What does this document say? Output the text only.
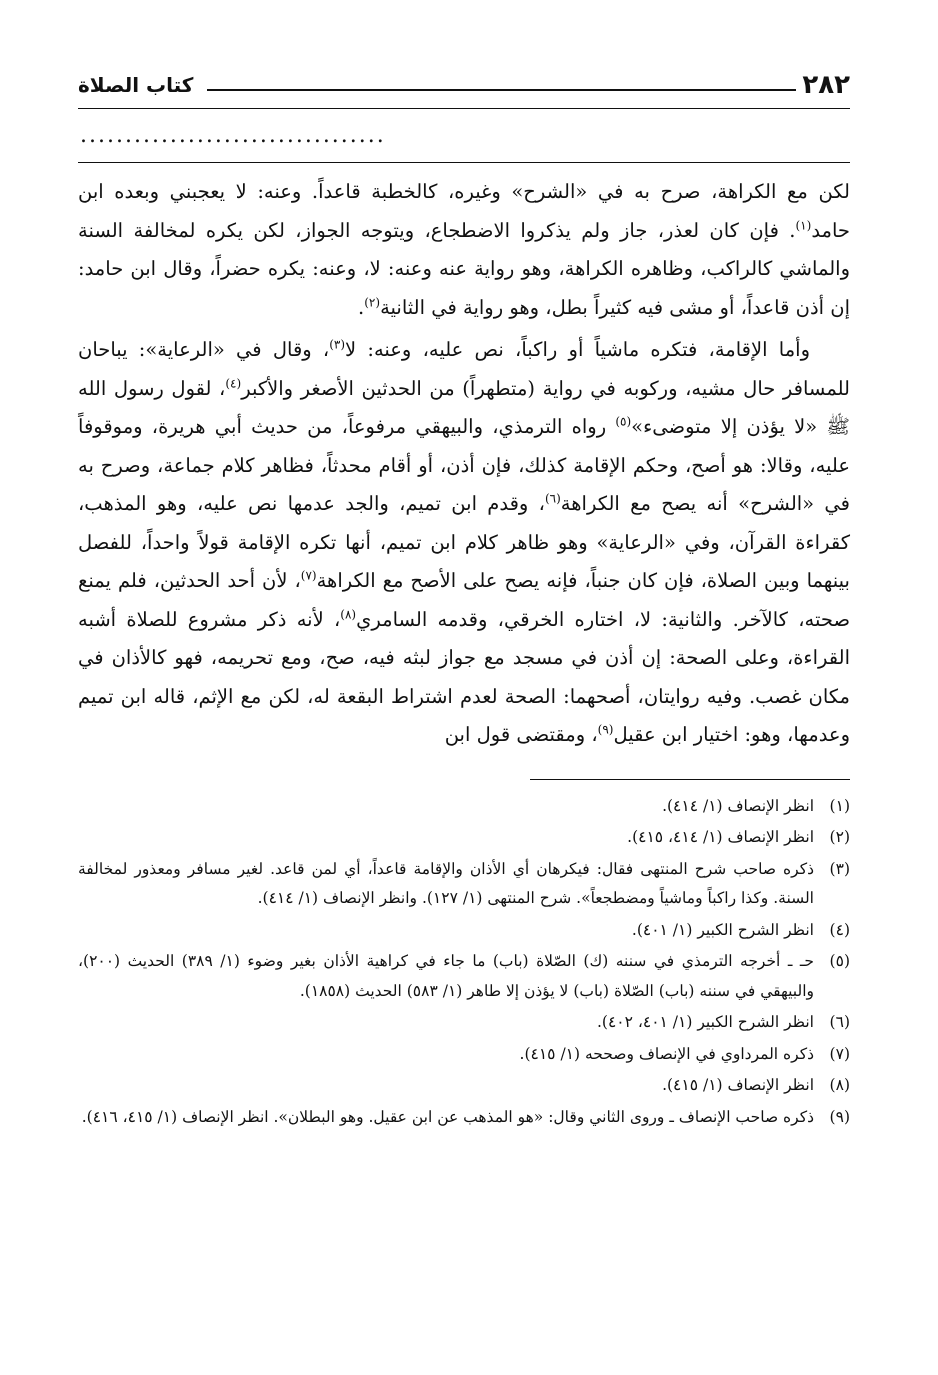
٢٨٢
كتاب الصلاة
..................................

لكن مع الكراهة، صرح به في «الشرح» وغيره، كالخطبة قاعداً. وعنه: لا يعجبني وبعده ابن حامد$^{(١)}$. فإن كان لعذر، جاز ولم يذكروا الاضطجاع، ويتوجه الجواز، لكن يكره لمخالفة السنة والماشي كالراكب، وظاهره الكراهة، وهو رواية عنه وعنه: لا، وعنه: يكره حضراً، وقال ابن حامد: إن أذن قاعداً، أو مشى فيه كثيراً بطل، وهو رواية في الثانية$^{(٢)}$.

وأما الإقامة، فتكره ماشياً أو راكباً، نص عليه، وعنه: لا$^{(٣)}$، وقال في «الرعاية»: يباحان للمسافر حال مشيه، وركوبه في رواية (متطهراً) من الحدثين الأصغر والأكبر$^{(٤)}$، لقول رسول الله ﷺ «لا يؤذن إلا متوضىء»$^{(٥)}$ رواه الترمذي، والبيهقي مرفوعاً، من حديث أبي هريرة، وموقوفاً عليه، وقالا: هو أصح، وحكم الإقامة كذلك، فإن أذن، أو أقام محدثاً، فظاهر كلام جماعة، وصرح به في «الشرح» أنه يصح مع الكراهة$^{(٦)}$، وقدم ابن تميم، والجد عدمها نص عليه، وهو المذهب، كقراءة القرآن، وفي «الرعاية» وهو ظاهر كلام ابن تميم، أنها تكره الإقامة قولاً واحداً، للفصل بينهما وبين الصلاة، فإن كان جنباً، فإنه يصح على الأصح مع الكراهة$^{(٧)}$، لأن أحد الحدثين، فلم يمنع صحته، كالآخر. والثانية: لا، اختاره الخرقي، وقدمه السامري$^{(٨)}$، لأنه ذكر مشروع للصلاة أشبه القراءة، وعلى الصحة: إن أذن في مسجد مع جواز لبثه فيه، صح، ومع تحريمه، فهو كالأذان في مكان غصب. وفيه روايتان، أصحهما: الصحة لعدم اشتراط البقعة له، لكن مع الإثم، قاله ابن تميم وعدمها، وهو: اختيار ابن عقيل$^{(٩)}$، ومقتضى قول ابن

(١)
انظر الإنصاف (١/ ٤١٤).
(٢)
انظر الإنصاف (١/ ٤١٤، ٤١٥).
(٣)
ذكره صاحب شرح المنتهى فقال: فيكرهان أي الأذان والإقامة قاعداً، أي لمن قاعد. لغير مسافر ومعذور لمخالفة السنة. وكذا راكباً وماشياً ومضطجعاً». شرح المنتهى (١/ ١٢٧). وانظر الإنصاف (١/ ٤١٤).
(٤)
انظر الشرح الكبير (١/ ٤٠١).
(٥)
حـ ـ أخرجه الترمذي في سننه (ك) الصّلاة (باب) ما جاء في كراهية الأذان بغير وضوء (١/ ٣٨٩) الحديث (٢٠٠)، والبيهقي في سننه (باب) الصّلاة (باب) لا يؤذن إلا طاهر (١/ ٥٨٣) الحديث (١٨٥٨).
(٦)
انظر الشرح الكبير (١/ ٤٠١، ٤٠٢).
(٧)
ذكره المرداوي في الإنصاف وصححه (١/ ٤١٥).
(٨)
انظر الإنصاف (١/ ٤١٥).
(٩)
ذكره صاحب الإنصاف ـ وروى الثاني وقال: «هو المذهب عن ابن عقيل. وهو البطلان». انظر الإنصاف (١/ ٤١٥، ٤١٦).
